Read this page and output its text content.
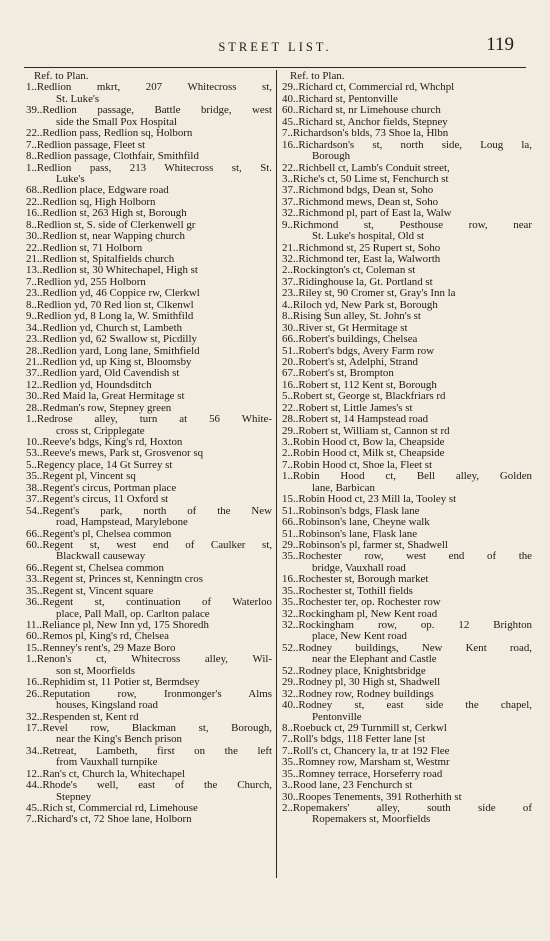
STREET LIST.	119
Ref. to Plan.
1..Redlion mkrt, 207 Whitecross st,
St. Luke's
39..Redlion passage, Battle bridge, west
side the Small Pox Hospital
22..Redlion pass, Redlion sq, Holborn
7..Redlion passage, Fleet st
8..Redlion passage, Clothfair, Smithfild
1..Redlion pass, 213 Whitecross st, St.
Luke's
68..Redlion place, Edgware road
22..Redlion sq, High Holborn
16..Redlion st, 263 High st, Borough
8..Redlion st, S. side of Clerkenwell gr
30..Redlion st, near Wapping church
22..Redlion st, 71 Holborn
21..Redlion st, Spitalfields church
13..Redlion st, 30 Whitechapel, High st
7..Redlion yd, 255 Holborn
23..Redlion yd, 46 Coppice rw, Clerkwl
8..Redlion yd, 70 Red lion st, Clkenwl
9..Redlion yd, 8 Long la, W. Smithfild
34..Redlion yd, Church st, Lambeth
23..Redlion yd, 62 Swallow st, Picdilly
28..Redlion yard, Long lane, Smithfield
21..Redlion yd, up King st, Bloomsby
37..Redlion yard, Old Cavendish st
12..Redlion yd, Houndsditch
30..Red Maid la, Great Hermitage st
28..Redman's row, Stepney green
1..Redrose alley, turn at 56 White-
cross st, Cripplegate
10..Reeve's bdgs, King's rd, Hoxton
53..Reeve's mews, Park st, Grosvenor sq
5..Regency place, 14 Gt Surrey st
35..Regent pl, Vincent sq
38..Regent's circus, Portman place
37..Regent's circus, 11 Oxford st
54..Regent's park, north of the New
road, Hampstead, Marylebone
66..Regent's pl, Chelsea common
60..Regent st, west end of Caulker st,
Blackwall causeway
66..Regent st, Chelsea common
33..Regent st, Princes st, Kenningtn cros
35..Regent st, Vincent square
36..Regent st, continuation of Waterloo
place, Pall Mall, op. Carlton palace
11..Reliance pl, New Inn yd, 175 Shoredh
60..Remos pl, King's rd, Chelsea
15..Renney's rent's, 29 Maze Boro
1..Renon's ct, Whitecross alley, Wil-
son st, Moorfields
16..Rephidim st, 11 Potier st, Bermdsey
26..Reputation row, Ironmonger's Alms
houses, Kingsland road
32..Respenden st, Kent rd
17..Revel row, Blackman st, Borough,
near the King's Bench prison
34..Retreat, Lambeth, first on the left
from Vauxhall turnpike
12..Ran's ct, Church la, Whitechapel
44..Rhode's well, east of the Church,
Stepney
45..Rich st, Commercial rd, Limehouse
7..Richard's ct, 72 Shoe lane, Holborn
Ref. to Plan.
29..Richard ct, Commercial rd, Whchpl
40..Richard st, Pentonville
60..Richard st, nr Limehouse church
45..Richard st, Anchor fields, Stepney
7..Richardson's blds, 73 Shoe la, Hlbn
16..Richardson's st, north side, Loug la,
Borough
22..Richbell ct, Lamb's Conduit street,
3..Riche's ct, 50 Lime st, Fenchurch st
37..Richmond bdgs, Dean st, Soho
37..Richmond mews, Dean st, Soho
32..Richmond pl, part of East la, Walw
9..Richmond st, Pesthouse row, near
St. Luke's hospital, Old st
21..Richmond st, 25 Rupert st, Soho
32..Richmond ter, East la, Walworth
2..Rockington's ct, Coleman st
37..Ridinghouse la, Gt. Portland st
23..Riley st, 90 Cromer st, Gray's Inn la
4..Riloch yd, New Park st, Borough
8..Rising Sun alley, St. John's st
30..River st, Gt Hermitage st
66..Robert's buildings, Chelsea
51..Robert's bdgs, Avery Farm row
20..Robert's st, Adelphi, Strand
67..Robert's st, Brompton
16..Robert st, 112 Kent st, Borough
5..Robert st, George st, Blackfriars rd
22..Robert st, Little James's st
28..Robert st, 14 Hampstead road
29..Robert st, William st, Cannon st rd
3..Robin Hood ct, Bow la, Cheapside
2..Robin Hood ct, Milk st, Cheapside
7..Robin Hood ct, Shoe la, Fleet st
1..Robin Hood ct, Bell alley, Golden
lane, Barbican
15..Robin Hood ct, 23 Mill la, Tooley st
51..Robinson's bdgs, Flask lane
66..Robinson's lane, Cheyne walk
51..Robinson's lane, Flask lane
29..Robinson's pl, farmer st, Shadwell
35..Rochester row, west end of the
bridge, Vauxhall road
16..Rochester st, Borough market
35..Rochester st, Tothill fields
35..Rochester ter, op. Rochester row
32..Rockingham pl, New Kent road
32..Rockingham row, op. 12 Brighton
place, New Kent road
52..Rodney buildings, New Kent road,
near the Elephant and Castle
52..Rodney place, Knightsbridge
29..Rodney pl, 30 High st, Shadwell
32..Rodney row, Rodney buildings
40..Rodney st, east side the chapel,
Pentonville
8..Roebuck ct, 29 Turnmill st, Cerkwl
7..Roll's bdgs, 118 Fetter lane [st
7..Roll's ct, Chancery la, tr at 192 Flee
35..Romney row, Marsham st, Westmr
35..Romney terrace, Horseferry road
3..Rood lane, 23 Fenchurch st
30..Roopes Tenements, 391 Rotherhith st
2..Ropemakers' alley, south side of
Ropemakers st, Moorfields
